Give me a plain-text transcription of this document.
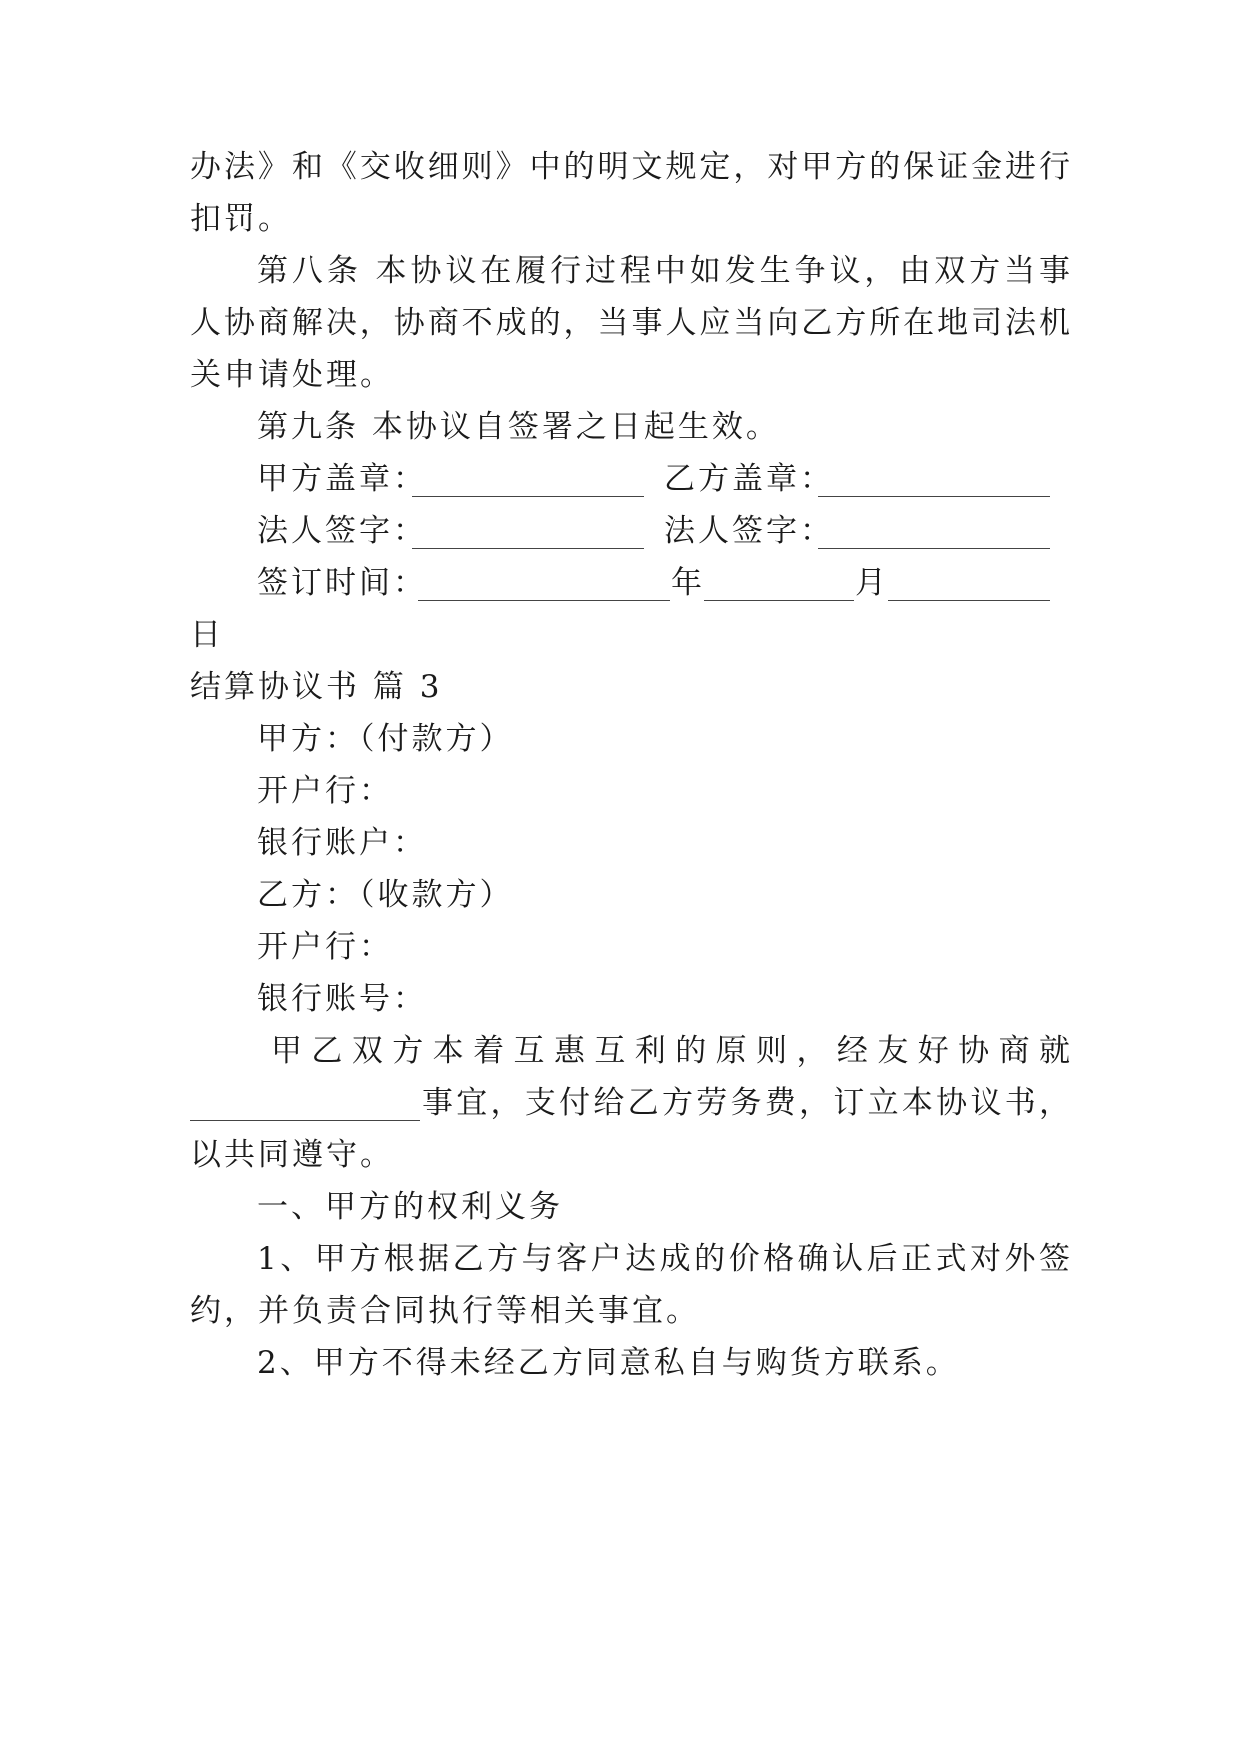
办法》和《交收细则》中的明文规定，对甲方的保证金进行
扣罚。
第八条 本协议在履行过程中如发生争议，由双方当事
人协商解决，协商不成的，当事人应当向乙方所在地司法机
关申请处理。
第九条 本协议自签署之日起生效。
甲方盖章：	乙方盖章：
法人签字：	法人签字：
签订时间：	年	月
日
结算协议书 篇 3
甲方：（付款方）
开户行：
银行账户：
乙方：（收款方）
开户行：
银行账号：
甲乙双方本着互惠互利的原则，经友好协商就
事宜，支付给乙方劳务费，订立本协议书，
以共同遵守。
一、甲方的权利义务
1、甲方根据乙方与客户达成的价格确认后正式对外签
约，并负责合同执行等相关事宜。
2、甲方不得未经乙方同意私自与购货方联系。
